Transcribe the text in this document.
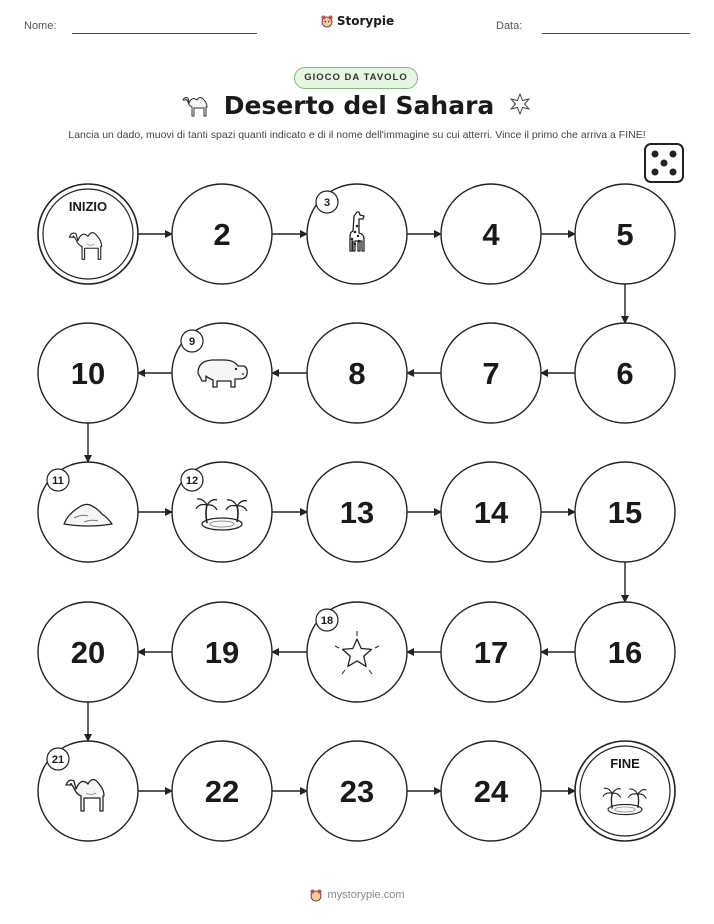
Nome:	Storypie	Data:
GIOCO DA TAVOLO
Deserto del Sahara
Lancia un dado, muovi di tanti spazi quanti indicato e di il nome dell'immagine su cui atterri. Vince il primo che arriva a FINE!
INIZIO
2
3
4	5
6
7
8
9
10
11	12
13	14	15
16
17
18
19
20
21
22	23	24
FINE
mystorypie.com
